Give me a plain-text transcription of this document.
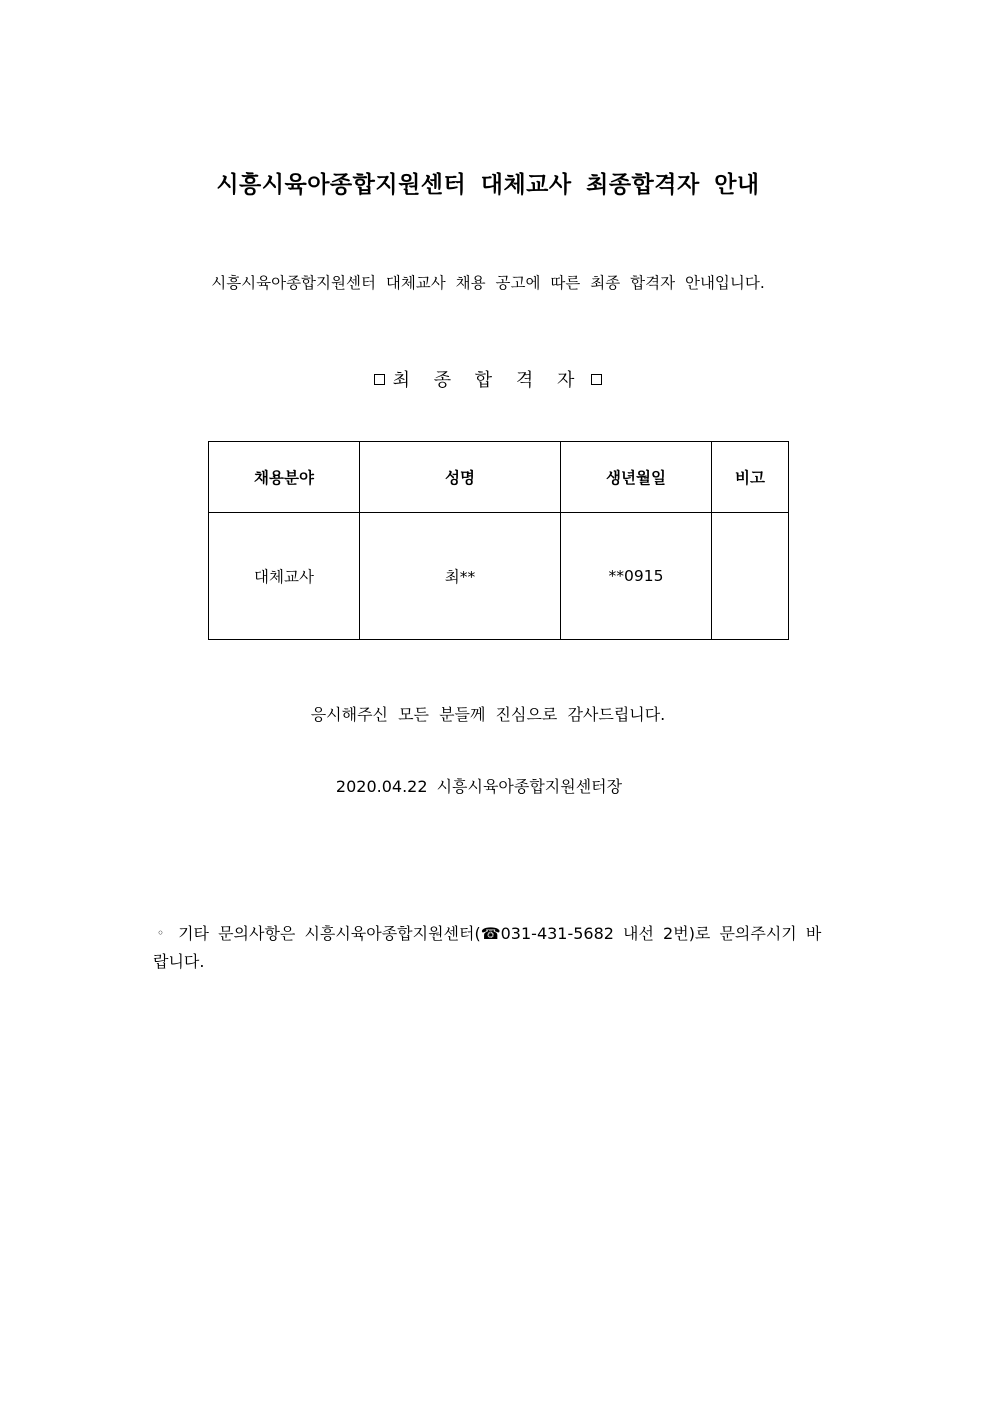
시흥시육아종합지원센터 대체교사 최종합격자 안내
시흥시육아종합지원센터 대체교사 채용 공고에 따른 최종 합격자 안내입니다.
최 종 합 격 자
채용분야	성명	생년월일	비고
대체교사	최**	**0915	
응시해주신 모든 분들께 진심으로 감사드립니다.
2020.04.22 시흥시육아종합지원센터장
◦ 기타 문의사항은 시흥시육아종합지원센터(☎031-431-5682 내선 2번)로 문의주시기 바랍니다.
